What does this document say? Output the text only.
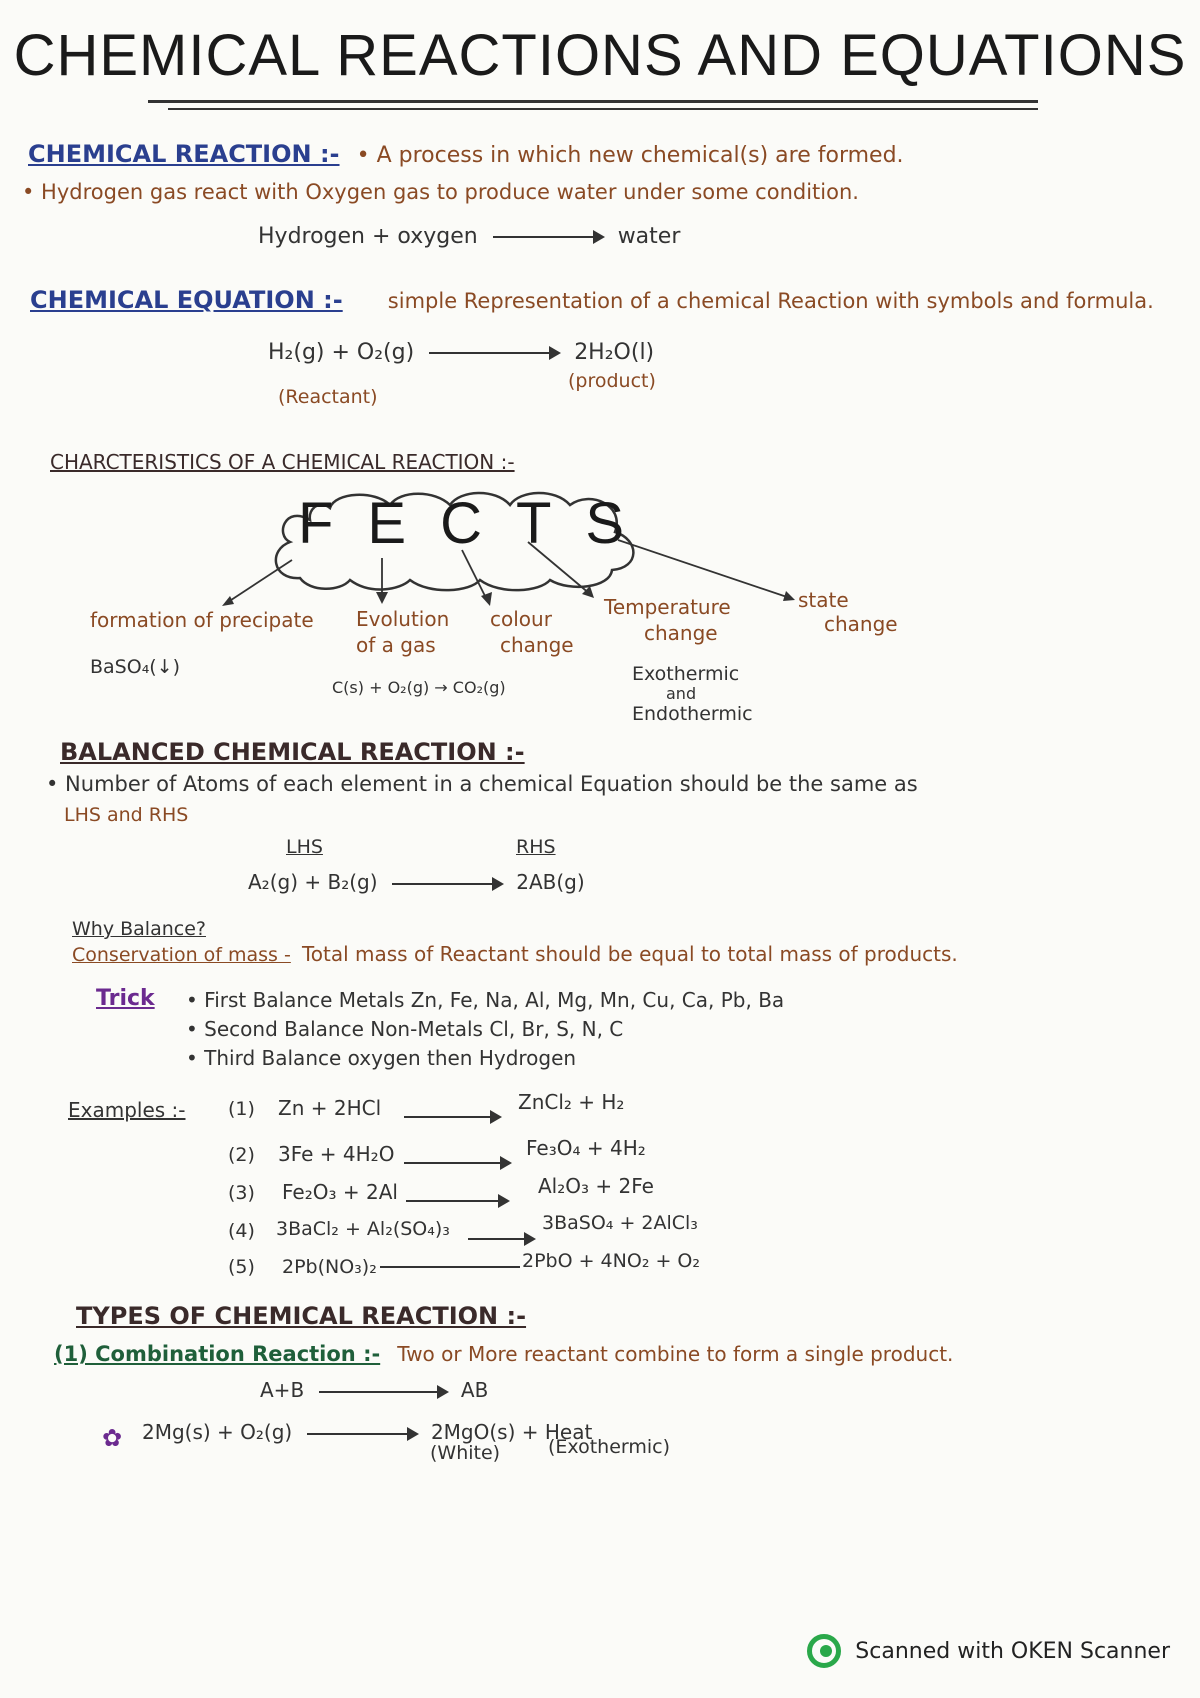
CHEMICAL REACTIONS AND EQUATIONS
CHEMICAL REACTION :- • A process in which new chemical(s) are formed.
• Hydrogen gas react with Oxygen gas to produce water under some condition.
Hydrogen + oxygen	water
CHEMICAL EQUATION :- simple Representation of a chemical Reaction with symbols and formula.
H₂(g) + O₂(g)	2H₂O(l)
(Reactant)
(product)
CHARCTERISTICS OF A CHEMICAL REACTION :-
FECTS
formation of precipate
BaSO₄(↓)
Evolution
of a gas
C(s) + O₂(g) → CO₂(g)
colour
change
Temperature
change
Exothermic
and
Endothermic
state
change
BALANCED CHEMICAL REACTION :-
• Number of Atoms of each element in a chemical Equation should be the same as
LHS and RHS
LHS	RHS
A₂(g) + B₂(g)	2AB(g)
Why Balance?
Conservation of mass - Total mass of Reactant should be equal to total mass of products.
Trick • First Balance Metals Zn, Fe, Na, Al, Mg, Mn, Cu, Ca, Pb, Ba
• Second Balance Non-Metals Cl, Br, S, N, C
• Third Balance oxygen then Hydrogen
Examples :- (1) Zn + 2HCl	ZnCl₂ + H₂
(2) 3Fe + 4H₂O	Fe₃O₄ + 4H₂
(3) Fe₂O₃ + 2Al	Al₂O₃ + 2Fe
(4) 3BaCl₂ + Al₂(SO₄)₃	3BaSO₄ + 2AlCl₃
(5) 2Pb(NO₃)₂	2PbO + 4NO₂ + O₂
TYPES OF CHEMICAL REACTION :-
(1) Combination Reaction :- Two or More reactant combine to form a single product.
A+B	AB
✿ 2Mg(s) + O₂(g)	2MgO(s) + Heat
(White)	(Exothermic)
Scanned with OKEN Scanner
